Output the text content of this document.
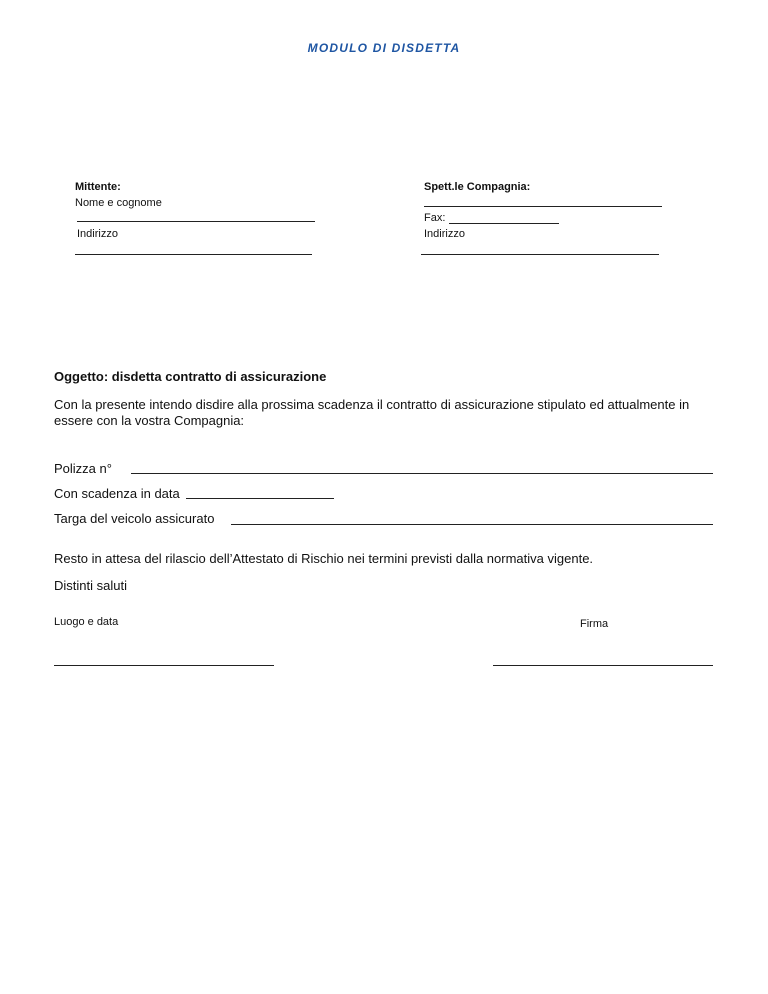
MODULO DI DISDETTA
Mittente:
Nome e cognome
Indirizzo
Spett.le Compagnia:
Fax:
Indirizzo
Oggetto: disdetta contratto di assicurazione
Con la presente intendo disdire alla prossima scadenza il contratto di assicurazione stipulato ed attualmente in essere con la vostra Compagnia:
Polizza n°
Con scadenza in data
Targa del veicolo assicurato
Resto in attesa del rilascio dell’Attestato di Rischio nei termini previsti dalla normativa vigente.
Distinti saluti
Luogo e data	Firma
